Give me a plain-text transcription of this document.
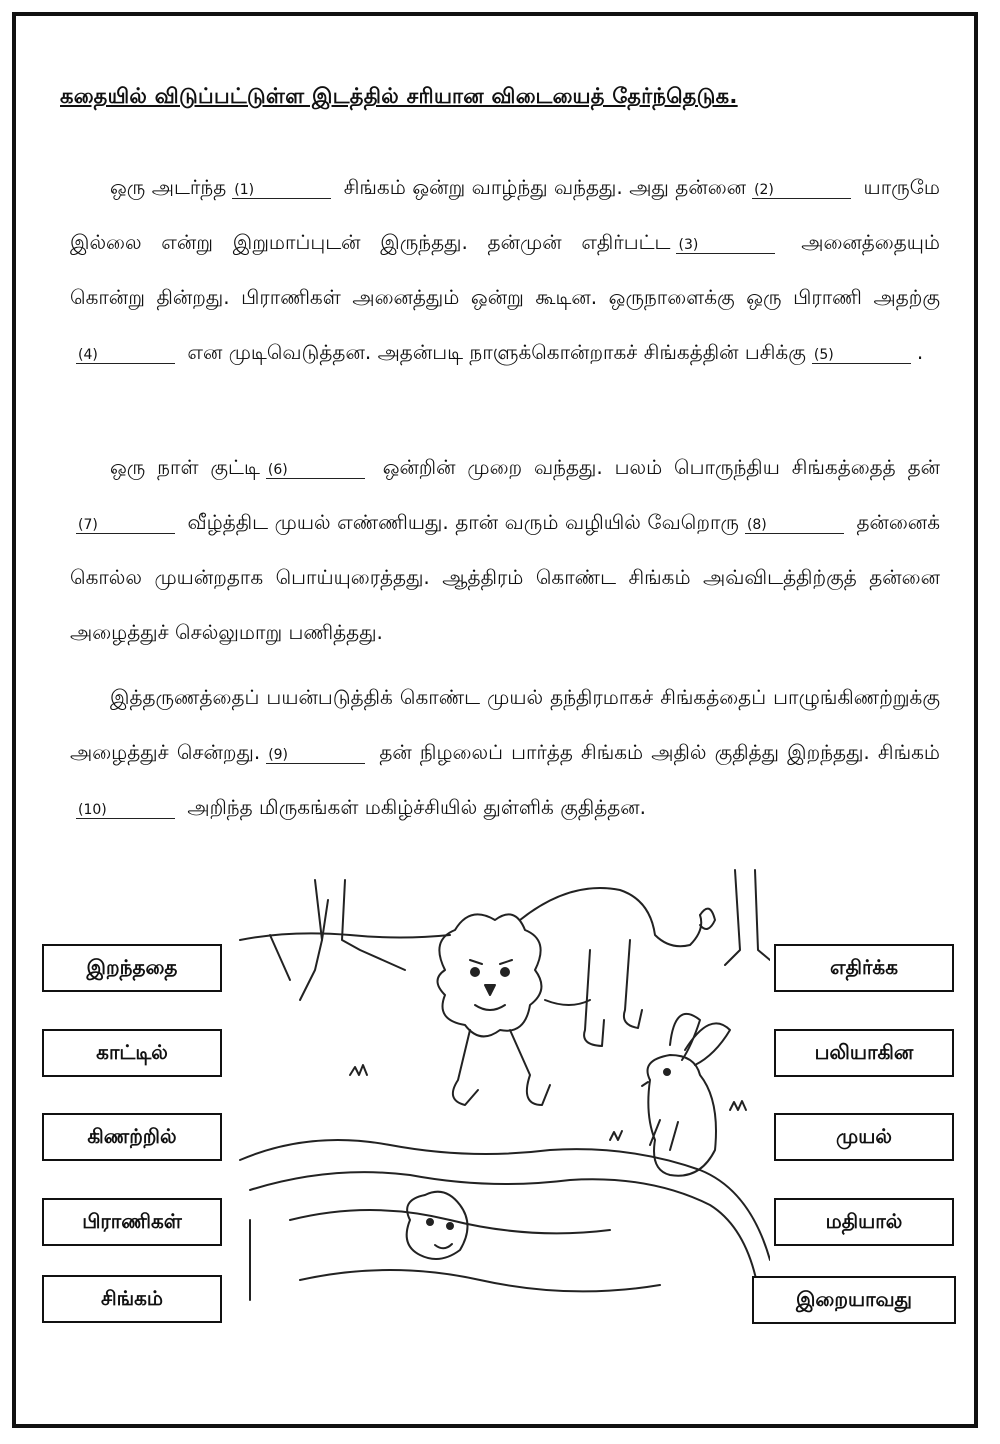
கதையில் விடுப்பட்டுள்ள இடத்தில் சரியான விடையைத் தேர்ந்தெடுக.
ஒரு அடர்ந்த (1)	சிங்கம் ஒன்று வாழ்ந்து வந்தது. அது தன்னை (2)	யாருமே இல்லை என்று இறுமாப்புடன் இருந்தது. தன்முன் எதிர்பட்ட (3)	அனைத்தையும் கொன்று தின்றது. பிராணிகள் அனைத்தும் ஒன்று கூடின. ஒருநாளைக்கு ஒரு பிராணி அதற்கு(4)	என முடிவெடுத்தன. அதன்படி நாளுக்கொன்றாகச் சிங்கத்தின் பசிக்கு (5)	.
ஒரு நாள் குட்டி (6)	ஒன்றின் முறை வந்தது. பலம் பொருந்திய சிங்கத்தைத் தன்(7)	வீழ்த்திட முயல் எண்ணியது. தான் வரும் வழியில் வேறொரு (8)	தன்னைக் கொல்ல முயன்றதாக பொய்யுரைத்தது. ஆத்திரம் கொண்ட சிங்கம் அவ்விடத்திற்குத் தன்னை அழைத்துச் செல்லுமாறு பணித்தது.
இத்தருணத்தைப் பயன்படுத்திக் கொண்ட முயல் தந்திரமாகச் சிங்கத்தைப் பாழுங்கிணற்றுக்கு அழைத்துச் சென்றது. (9)	தன் நிழலைப் பார்த்த சிங்கம் அதில் குதித்து இறந்தது. சிங்கம்(10)	அறிந்த மிருகங்கள் மகிழ்ச்சியில் துள்ளிக் குதித்தன.
இறந்ததை
காட்டில்
கிணற்றில்
பிராணிகள்
சிங்கம்
எதிர்க்க
பலியாகின
முயல்
மதியால்
இறையாவது
